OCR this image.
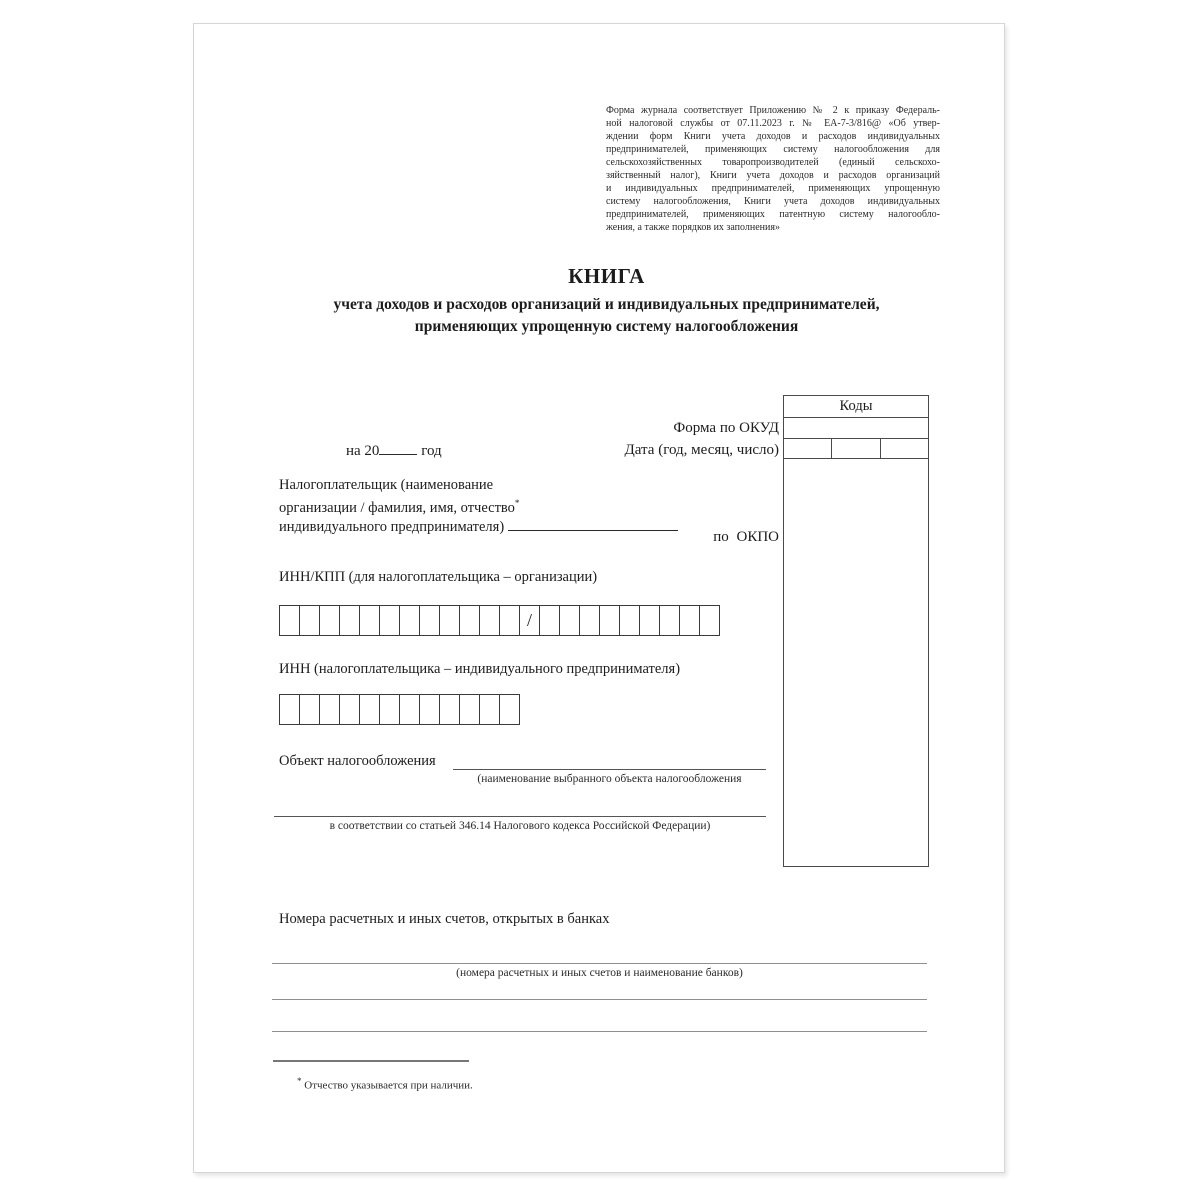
Форма журнала соответствует Приложению № 2 к приказу Федераль-
ной налоговой службы от 07.11.2023 г. № ЕА-7-3/816@ «Об утвер-
ждении форм Книги учета доходов и расходов индивидуальных
предпринимателей, применяющих систему налогообложения для
сельскохозяйственных товаропроизводителей (единый сельскохо-
зяйственный налог), Книги учета доходов и расходов организаций
и индивидуальных предпринимателей, применяющих упрощенную
систему налогообложения, Книги учета доходов индивидуальных
предпринимателей, применяющих патентную систему налогообло-
жения, а также порядков их заполнения»
КНИГА
учета доходов и расходов организаций и индивидуальных предпринимателей,
применяющих упрощенную систему налогообложения
Коды
Форма по ОКУД
Дата (год, месяц, число)
по ОКПО
на 20	год
Налогоплательщик (наименование
организации / фамилия, имя, отчество*
индивидуального предпринимателя)
ИНН/КПП (для налогоплательщика – организации)
/
ИНН (налогоплательщика – индивидуального предпринимателя)
Объект налогообложения
(наименование выбранного объекта налогообложения
в соответствии со статьей 346.14 Налогового кодекса Российской Федерации)
Номера расчетных и иных счетов, открытых в банках
(номера расчетных и иных счетов и наименование банков)
* Отчество указывается при наличии.
